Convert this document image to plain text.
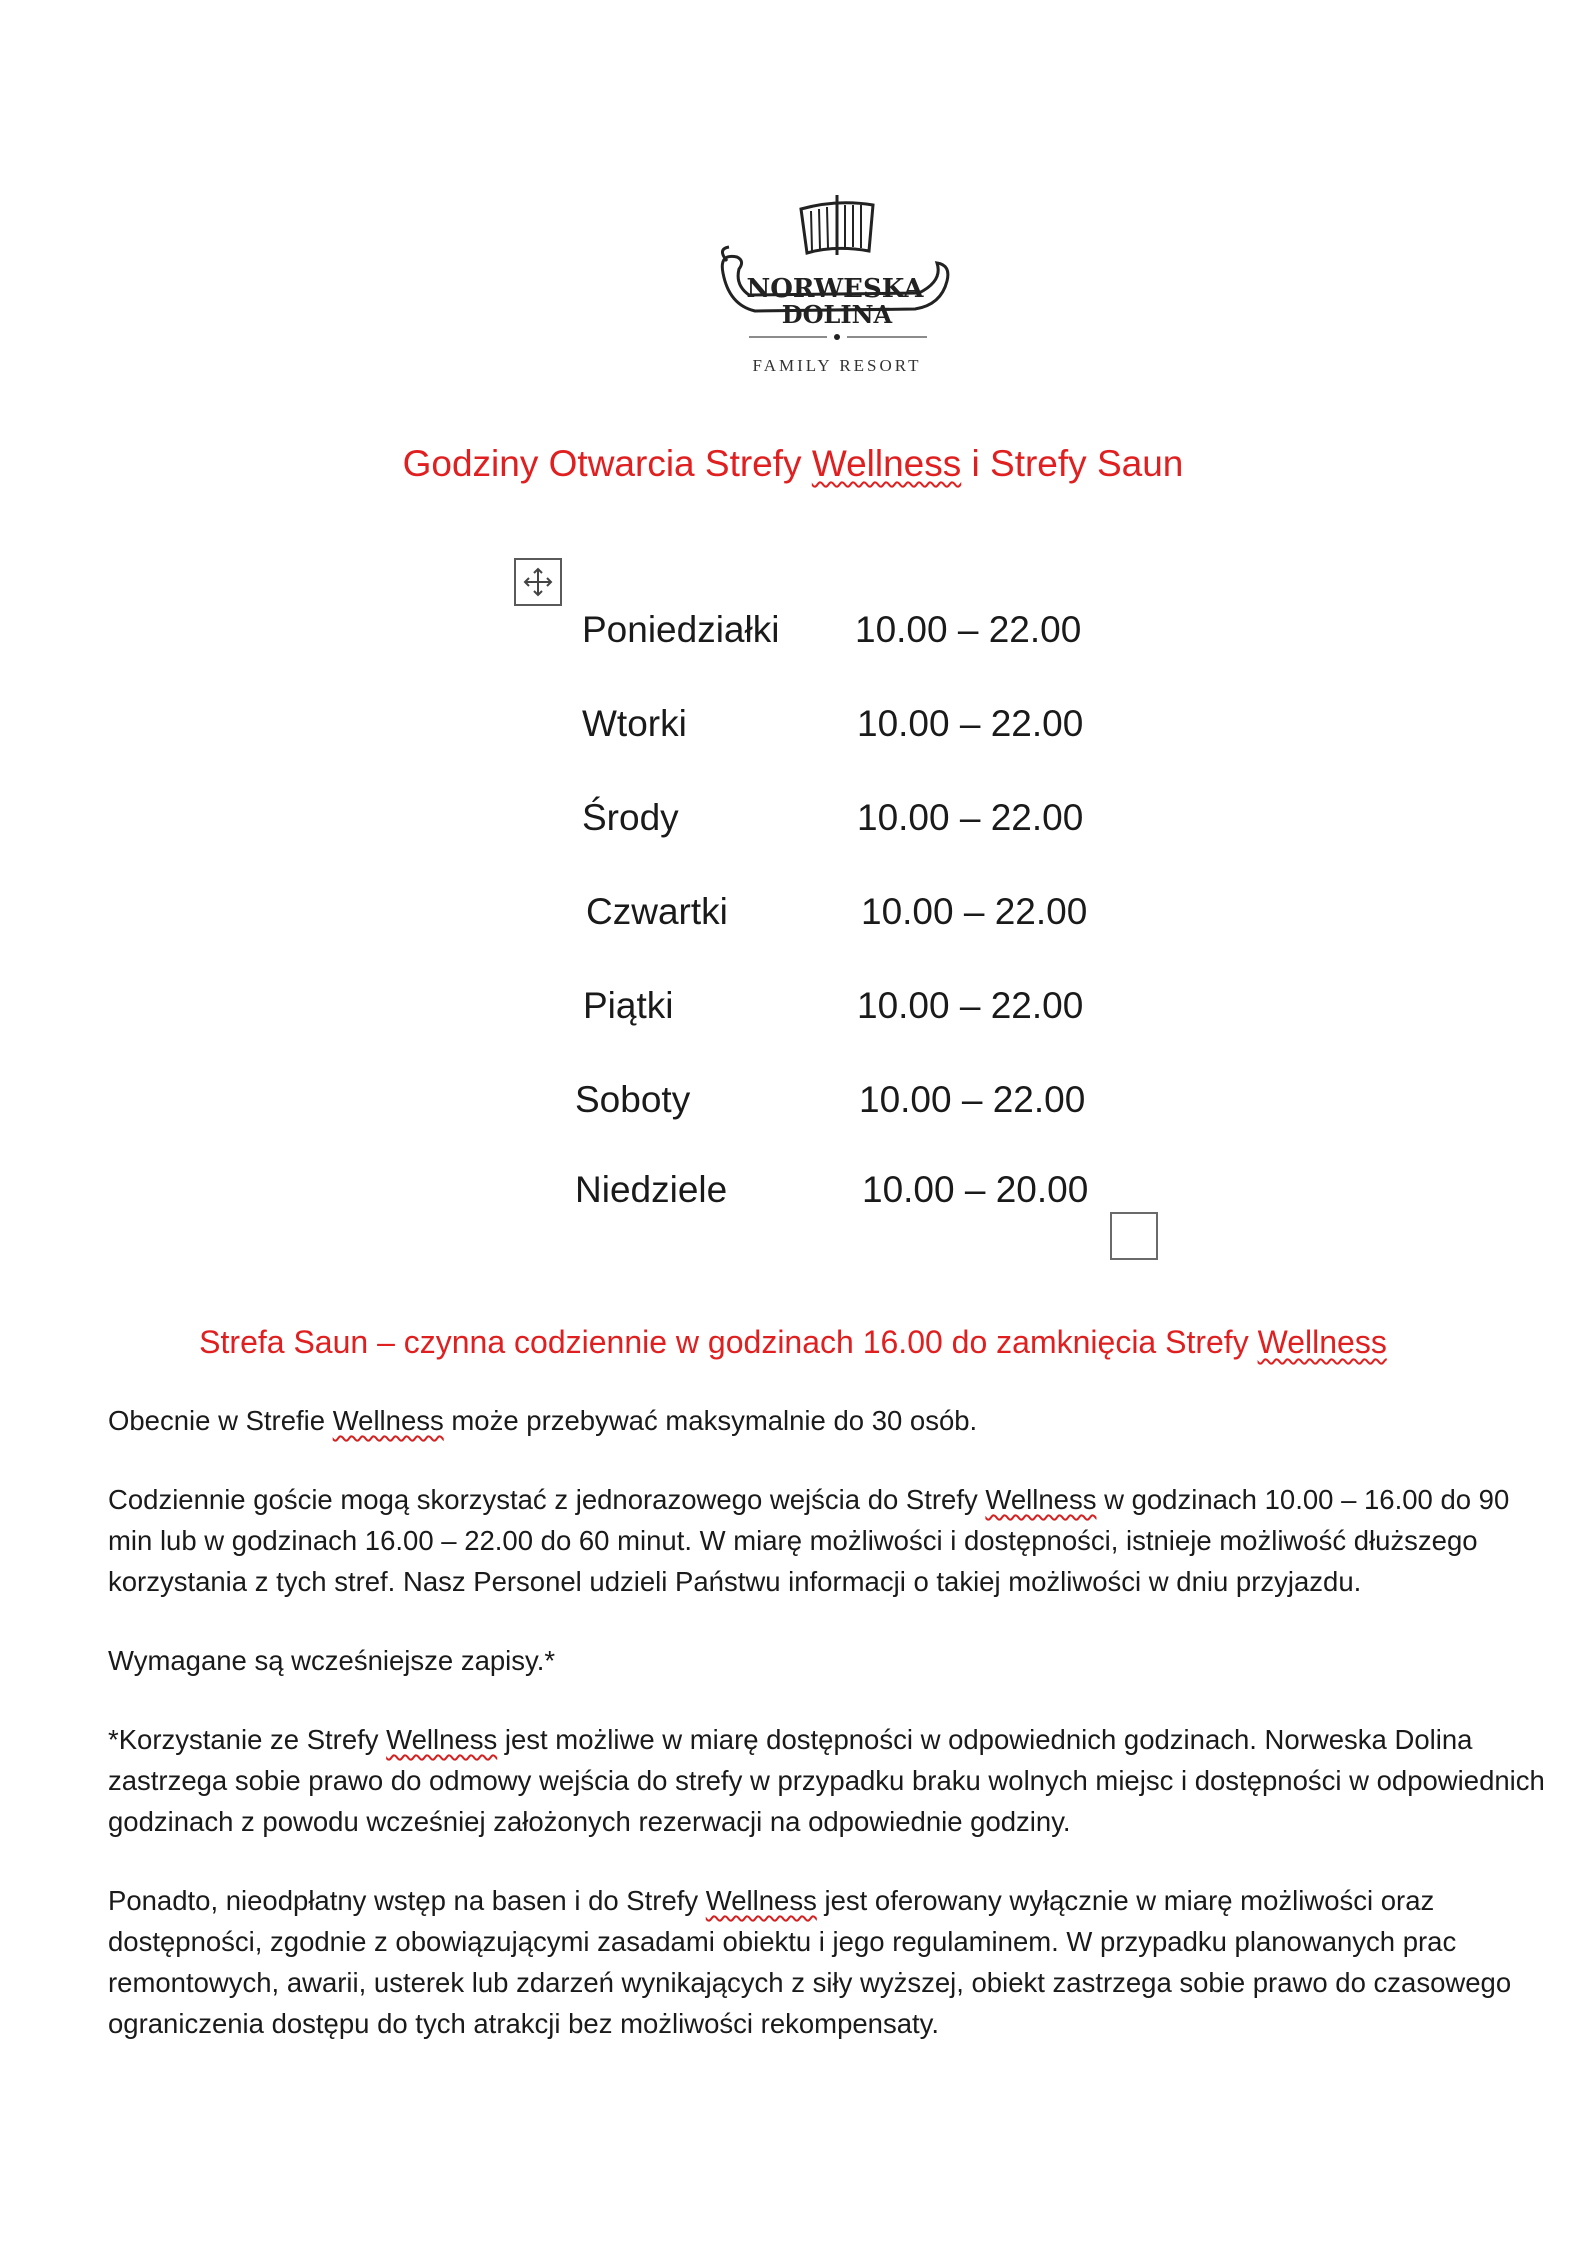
NORWESKA
DOLINA
FAMILY RESORT
Godziny Otwarcia Strefy Wellness i Strefy Saun
Poniedziałki 10.00 – 22.00
Wtorki	10.00 – 22.00
Środy	10.00 – 22.00
Czwartki	10.00 – 22.00
Piątki	10.00 – 22.00
Soboty	10.00 – 22.00
Niedziele	10.00 – 20.00
Strefa Saun – czynna codziennie w godzinach 16.00 do zamknięcia Strefy Wellness

Obecnie w Strefie Wellness może przebywać maksymalnie do 30 osób.

Codziennie goście mogą skorzystać z jednorazowego wejścia do Strefy Wellness w godzinach 10.00 – 16.00 do 90 min lub w godzinach 16.00 – 22.00 do 60 minut. W miarę możliwości i dostępności, istnieje możliwość dłuższego korzystania z tych stref. Nasz Personel udzieli Państwu informacji o takiej możliwości w dniu przyjazdu.

Wymagane są wcześniejsze zapisy.*

*Korzystanie ze Strefy Wellness jest możliwe w miarę dostępności w odpowiednich godzinach. Norweska Dolina zastrzega sobie prawo do odmowy wejścia do strefy w przypadku braku wolnych miejsc i dostępności w odpowiednich godzinach z powodu wcześniej założonych rezerwacji na odpowiednie godziny.

Ponadto, nieodpłatny wstęp na basen i do Strefy Wellness jest oferowany wyłącznie w miarę możliwości oraz dostępności, zgodnie z obowiązującymi zasadami obiektu i jego regulaminem. W przypadku planowanych prac remontowych, awarii, usterek lub zdarzeń wynikających z siły wyższej, obiekt zastrzega sobie prawo do czasowego ograniczenia dostępu do tych atrakcji bez możliwości rekompensaty.
